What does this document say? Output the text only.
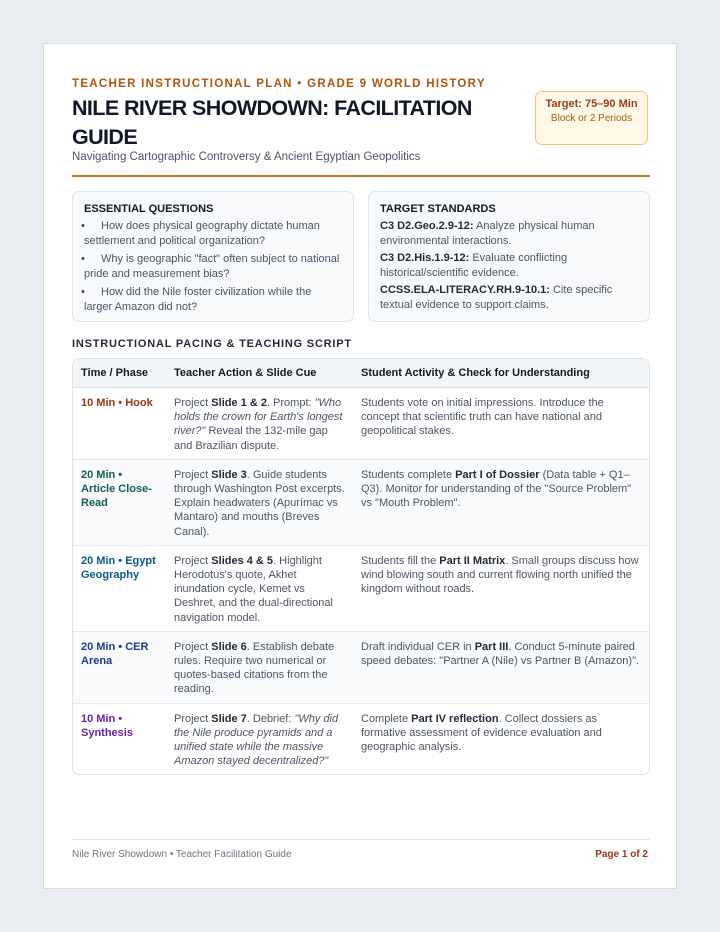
TEACHER INSTRUCTIONAL PLAN • GRADE 9 WORLD HISTORY
NILE RIVER SHOWDOWN: FACILITATION GUIDE
Navigating Cartographic Controversy & Ancient Egyptian Geopolitics
Target: 75–90 Min
Block or 2 Periods
ESSENTIAL QUESTIONS
• How does physical geography dictate human settlement and political organization?
• Why is geographic "fact" often subject to national pride and measurement bias?
• How did the Nile foster civilization while the larger Amazon did not?
TARGET STANDARDS
C3 D2.Geo.2.9-12: Analyze physical human environmental interactions.
C3 D2.His.1.9-12: Evaluate conflicting historical/scientific evidence.
CCSS.ELA-LITERACY.RH.9-10.1: Cite specific textual evidence to support claims.
INSTRUCTIONAL PACING & TEACHING SCRIPT
Time / Phase	Teacher Action & Slide Cue	Student Activity & Check for Understanding
10 Min • Hook	Project Slide 1 & 2. Prompt: "Who holds the crown for Earth's longest river?" Reveal the 132-mile gap and Brazilian dispute.	Students vote on initial impressions. Introduce the concept that scientific truth can have national and geopolitical stakes.
20 Min • Article Close-Read	Project Slide 3. Guide students through Washington Post excerpts. Explain headwaters (Apurímac vs Mantaro) and mouths (Breves Canal).	Students complete Part I of Dossier (Data table + Q1–Q3). Monitor for understanding of the "Source Problem" vs "Mouth Problem".
20 Min • Egypt Geography	Project Slides 4 & 5. Highlight Herodotus's quote, Akhet inundation cycle, Kemet vs Deshret, and the dual-directional navigation model.	Students fill the Part II Matrix. Small groups discuss how wind blowing south and current flowing north unified the kingdom without roads.
20 Min • CER Arena	Project Slide 6. Establish debate rules. Require two numerical or quotes-based citations from the reading.	Draft individual CER in Part III. Conduct 5-minute paired speed debates: "Partner A (Nile) vs Partner B (Amazon)".
10 Min • Synthesis	Project Slide 7. Debrief: "Why did the Nile produce pyramids and a unified state while the massive Amazon stayed decentralized?"	Complete Part IV reflection. Collect dossiers as formative assessment of evidence evaluation and geographic analysis.
Nile River Showdown • Teacher Facilitation Guide	Page 1 of 2
